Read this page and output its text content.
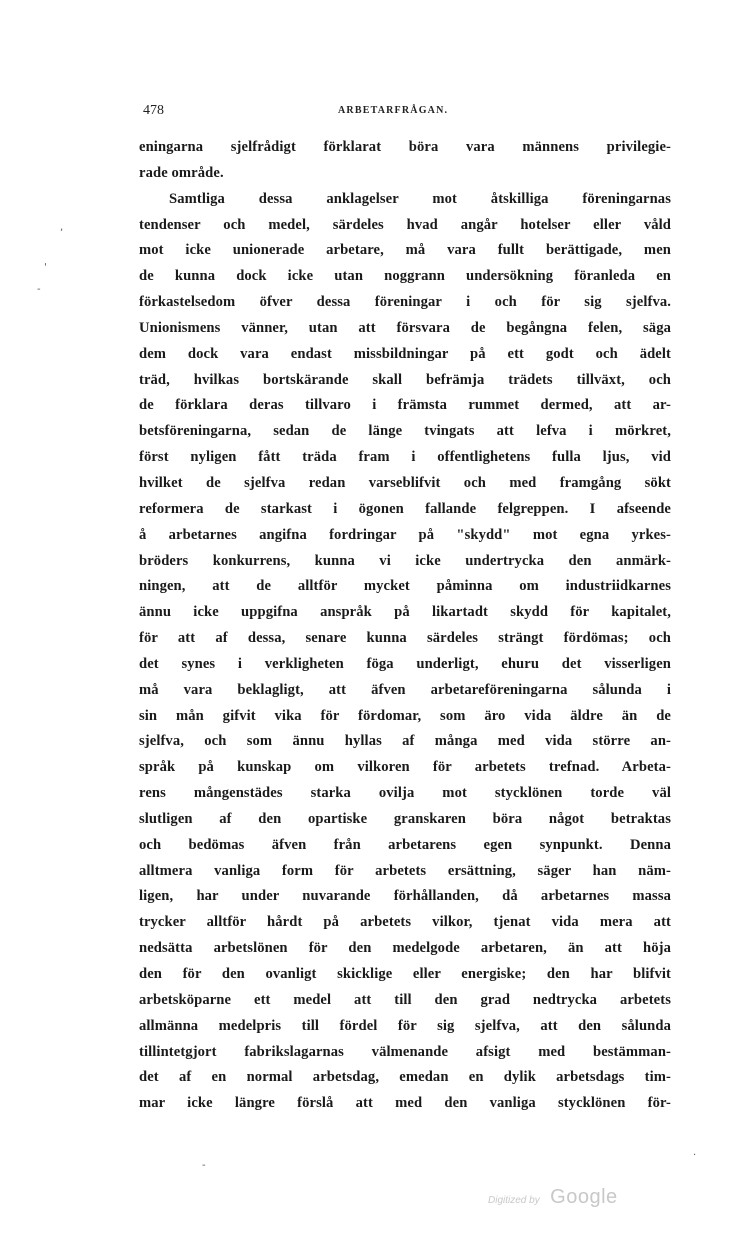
478	ARBETARFRÅGAN.
eningarna sjelfrådigt förklarat böra vara männens privilegie-
rade område.
Samtliga dessa anklagelser mot åtskilliga föreningarnas
tendenser och medel, särdeles hvad angår hotelser eller våld
mot icke unionerade arbetare, må vara fullt berättigade, men
de kunna dock icke utan noggrann undersökning föranleda en
förkastelsedom öfver dessa föreningar i och för sig sjelfva.
Unionismens vänner, utan att försvara de begångna felen, säga
dem dock vara endast missbildningar på ett godt och ädelt
träd, hvilkas bortskärande skall befrämja trädets tillväxt, och
de förklara deras tillvaro i främsta rummet dermed, att ar-
betsföreningarna, sedan de länge tvingats att lefva i mörkret,
först nyligen fått träda fram i offentlighetens fulla ljus, vid
hvilket de sjelfva redan varseblifvit och med framgång sökt
reformera de starkast i ögonen fallande felgreppen. I afseende
å arbetarnes angifna fordringar på "skydd" mot egna yrkes-
bröders konkurrens, kunna vi icke undertrycka den anmärk-
ningen, att de alltför mycket påminna om industriidkarnes
ännu icke uppgifna anspråk på likartadt skydd för kapitalet,
för att af dessa, senare kunna särdeles strängt fördömas; och
det synes i verkligheten föga underligt, ehuru det visserligen
må vara beklagligt, att äfven arbetareföreningarna sålunda i
sin mån gifvit vika för fördomar, som äro vida äldre än de
sjelfva, och som ännu hyllas af många med vida större an-
språk på kunskap om vilkoren för arbetets trefnad. Arbeta-
rens mångenstädes starka ovilja mot stycklönen torde väl
slutligen af den opartiske granskaren böra något betraktas
och bedömas äfven från arbetarens egen synpunkt. Denna
alltmera vanliga form för arbetets ersättning, säger han näm-
ligen, har under nuvarande förhållanden, då arbetarnes massa
trycker alltför hårdt på arbetets vilkor, tjenat vida mera att
nedsätta arbetslönen för den medelgode arbetaren, än att höja
den för den ovanligt skicklige eller energiske; den har blifvit
arbetsköparne ett medel att till den grad nedtrycka arbetets
allmänna medelpris till fördel för sig sjelfva, att den sålunda
tillintetgjort fabrikslagarnas välmenande afsigt med bestämman-
det af en normal arbetsdag, emedan en dylik arbetsdags tim-
mar icke längre förslå att med den vanliga stycklönen för-
,
'
-
-
·
Digitized by Google
